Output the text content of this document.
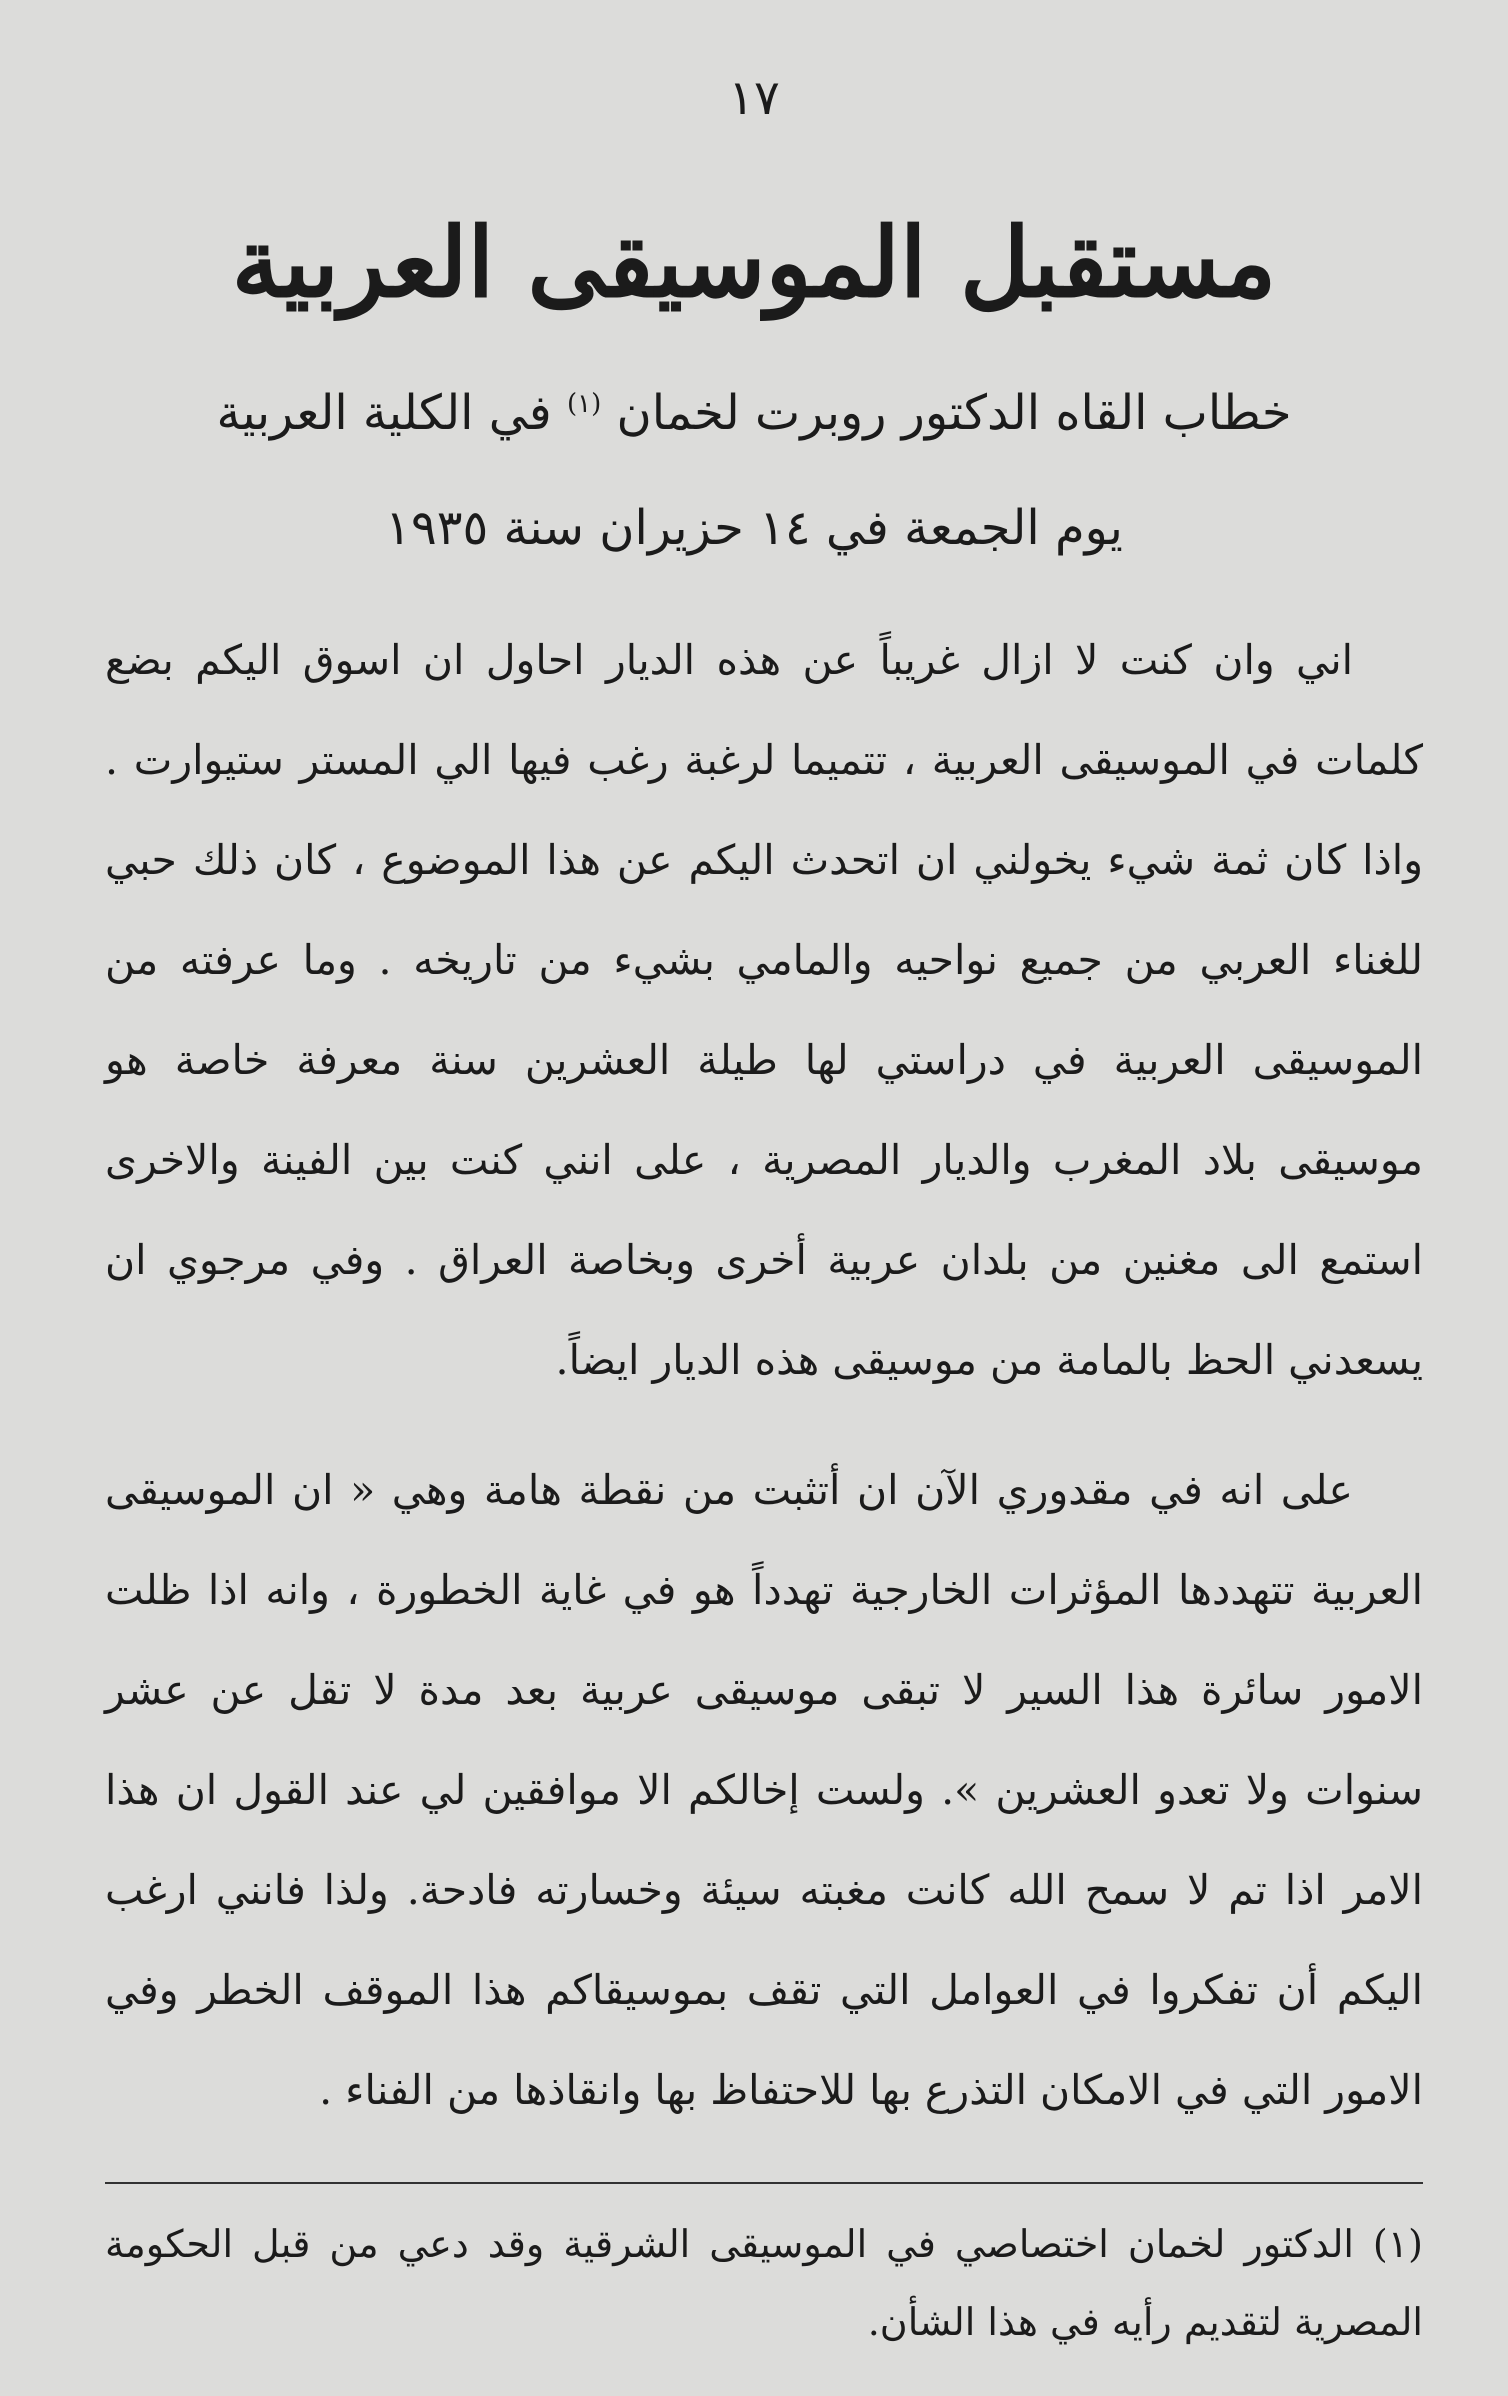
١٧
مستقبل الموسيقى العربية
خطاب القاه الدكتور روبرت لخمان $^{(١)}$ في الكلية العربية
يوم الجمعة في ١٤ حزيران سنة ١٩٣٥

اني وان كنت لا ازال غريباً عن هذه الديار احاول ان اسوق اليكم بضع كلمات في الموسيقى العربية ، تتميما لرغبة رغب فيها الي المستر ستيوارت . واذا كان ثمة شيء يخولني ان اتحدث اليكم عن هذا الموضوع ، كان ذلك حبي للغناء العربي من جميع نواحيه والمامي بشيء من تاريخه . وما عرفته من الموسيقى العربية في دراستي لها طيلة العشرين سنة معرفة خاصة هو موسيقى بلاد المغرب والديار المصرية ، على انني كنت بين الفينة والاخرى استمع الى مغنين من بلدان عربية أخرى وبخاصة العراق . وفي مرجوي ان يسعدني الحظ بالمامة من موسيقى هذه الديار ايضاً.

على انه في مقدوري الآن ان أتثبت من نقطة هامة وهي « ان الموسيقى العربية تتهددها المؤثرات الخارجية تهدداً هو في غاية الخطورة ، وانه اذا ظلت الامور سائرة هذا السير لا تبقى موسيقى عربية بعد مدة لا تقل عن عشر سنوات ولا تعدو العشرين ». ولست إخالكم الا موافقين لي عند القول ان هذا الامر اذا تم لا سمح الله كانت مغبته سيئة وخسارته فادحة. ولذا فانني ارغب اليكم أن تفكروا في العوامل التي تقف بموسيقاكم هذا الموقف الخطر وفي الامور التي في الامكان التذرع بها للاحتفاظ بها وانقاذها من الفناء .

(١) الدكتور لخمان اختصاصي في الموسيقى الشرقية وقد دعي من قبل الحكومة المصرية لتقديم رأيه في هذا الشأن.
